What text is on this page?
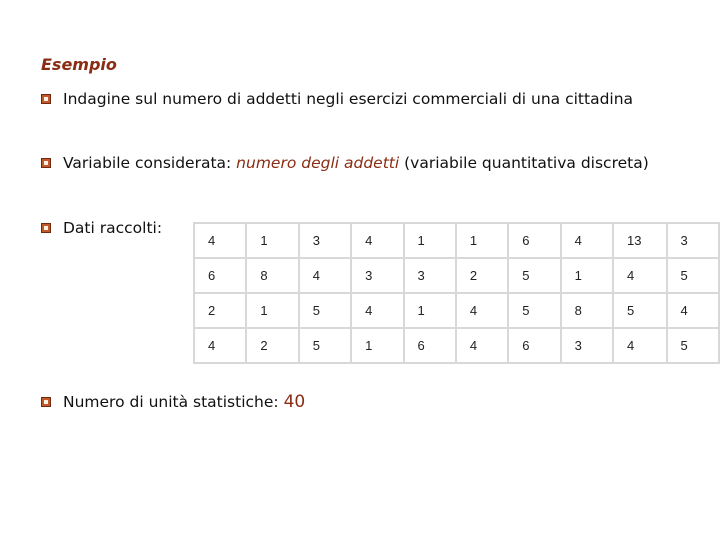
Esempio
Indagine sul numero di addetti negli esercizi commerciali di una cittadina
Variabile considerata: numero degli addetti (variabile quantitativa discreta)
Dati raccolti:
4	1	3	4	1	1	6	4	13	3
6	8	4	3	3	2	5	1	4	5
2	1	5	4	1	4	5	8	5	4
4	2	5	1	6	4	6	3	4	5
Numero di unità statistiche: 40
